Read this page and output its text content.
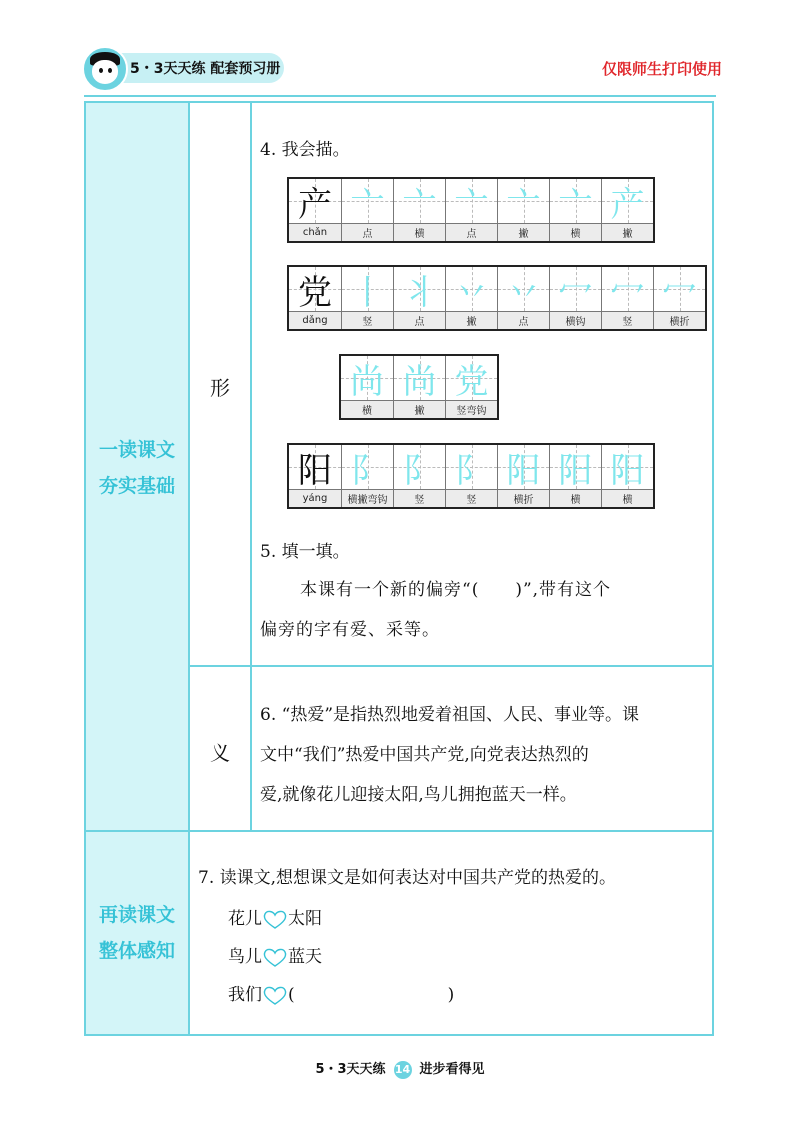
5・3天天练 配套预习册	仅限师生打印使用
一读课文
夯实基础
再读课文
整体感知
形
义
4. 我会描。
产
chǎn
亠
点
亠
横
亠
点
亠
撇
亠
横
产
撇
党
dǎng
丨
竖
丬
点
丷
撇
丷
点
冖
横钩
冖
竖
冖
横折
尚
横
尚
撇
党
竖弯钩
阳
yáng
阝
横撇弯钩
阝
竖
阝
竖
阳
横折
阳
横
阳
横
5. 填一填。
本课有一个新的偏旁“(　　)”,带有这个
偏旁的字有爱、采等。
6. “热爱”是指热烈地爱着祖国、人民、事业等。课
文中“我们”热爱中国共产党,向党表达热烈的
爱,就像花儿迎接太阳,鸟儿拥抱蓝天一样。
7. 读课文,想想课文是如何表达对中国共产党的热爱的。
花儿 太阳
鸟儿 蓝天
我们 (　　　　　　　　　)
5・3天天练 14 进步看得见
